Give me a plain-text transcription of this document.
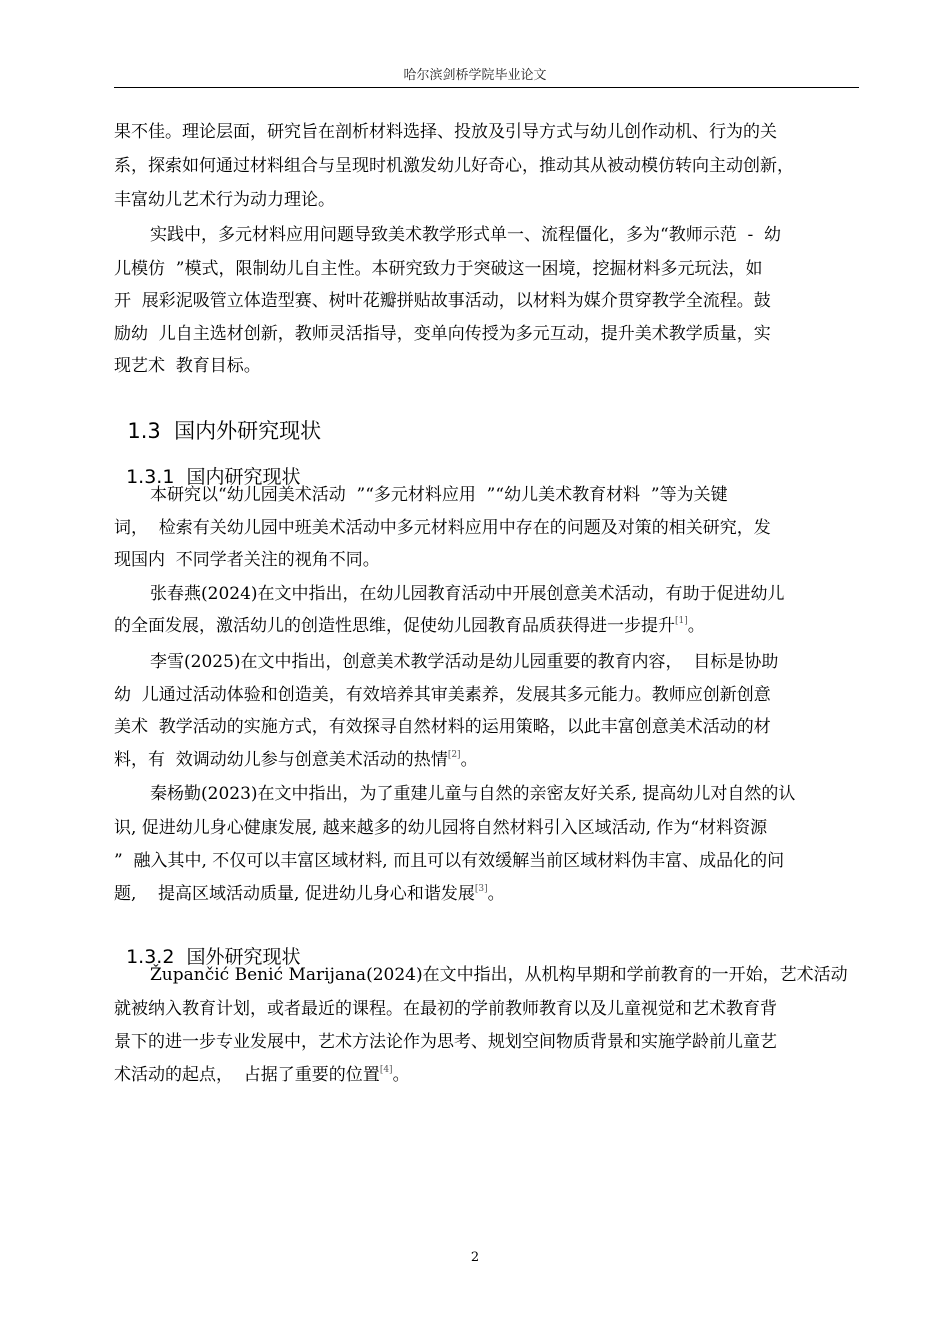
哈尔滨剑桥学院毕业论文
果不佳。理论层面，研究旨在剖析材料选择、投放及引导方式与幼儿创作动机、行为的关
系，探索如何通过材料组合与呈现时机激发幼儿好奇心，推动其从被动模仿转向主动创新，
丰富幼儿艺术行为动力理论。
实践中，多元材料应用问题导致美术教学形式单一、流程僵化，多为“教师示范  -  幼
儿模仿  ”模式，限制幼儿自主性。本研究致力于突破这一困境，挖掘材料多元玩法，如
开  展彩泥吸管立体造型赛、树叶花瓣拼贴故事活动，以材料为媒介贯穿教学全流程。鼓
励幼  儿自主选材创新，教师灵活指导，变单向传授为多元互动，提升美术教学质量，实
现艺术  教育目标。

1.3 国内外研究现状

1.3.1 国内研究现状

本研究以“幼儿园美术活动  ”“多元材料应用  ”“幼儿美术教育材料  ”等为关键
词，  检索有关幼儿园中班美术活动中多元材料应用中存在的问题及对策的相关研究，发
现国内  不同学者关注的视角不同。
张春燕(2024)在文中指出，在幼儿园教育活动中开展创意美术活动，有助于促进幼儿
的全面发展，激活幼儿的创造性思维，促使幼儿园教育品质获得进一步提升[1]。
李雪(2025)在文中指出，创意美术教学活动是幼儿园重要的教育内容，  目标是协助
幼  儿通过活动体验和创造美，有效培养其审美素养，发展其多元能力。教师应创新创意
美术  教学活动的实施方式，有效探寻自然材料的运用策略，以此丰富创意美术活动的材
料，有  效调动幼儿参与创意美术活动的热情[2]。
秦杨勤(2023)在文中指出，为了重建儿童与自然的亲密友好关系, 提高幼儿对自然的认
识, 促进幼儿身心健康发展, 越来越多的幼儿园将自然材料引入区域活动, 作为“材料资源
”  融入其中, 不仅可以丰富区域材料, 而且可以有效缓解当前区域材料伪丰富、成品化的问
题,    提高区域活动质量, 促进幼儿身心和谐发展[3]。

1.3.2 国外研究现状

Župančić Benić Marijana(2024)在文中指出，从机构早期和学前教育的一开始，艺术活动
就被纳入教育计划，或者最近的课程。在最初的学前教师教育以及儿童视觉和艺术教育背
景下的进一步专业发展中，艺术方法论作为思考、规划空间物质背景和实施学龄前儿童艺
术活动的起点，  占据了重要的位置[4]。
2
